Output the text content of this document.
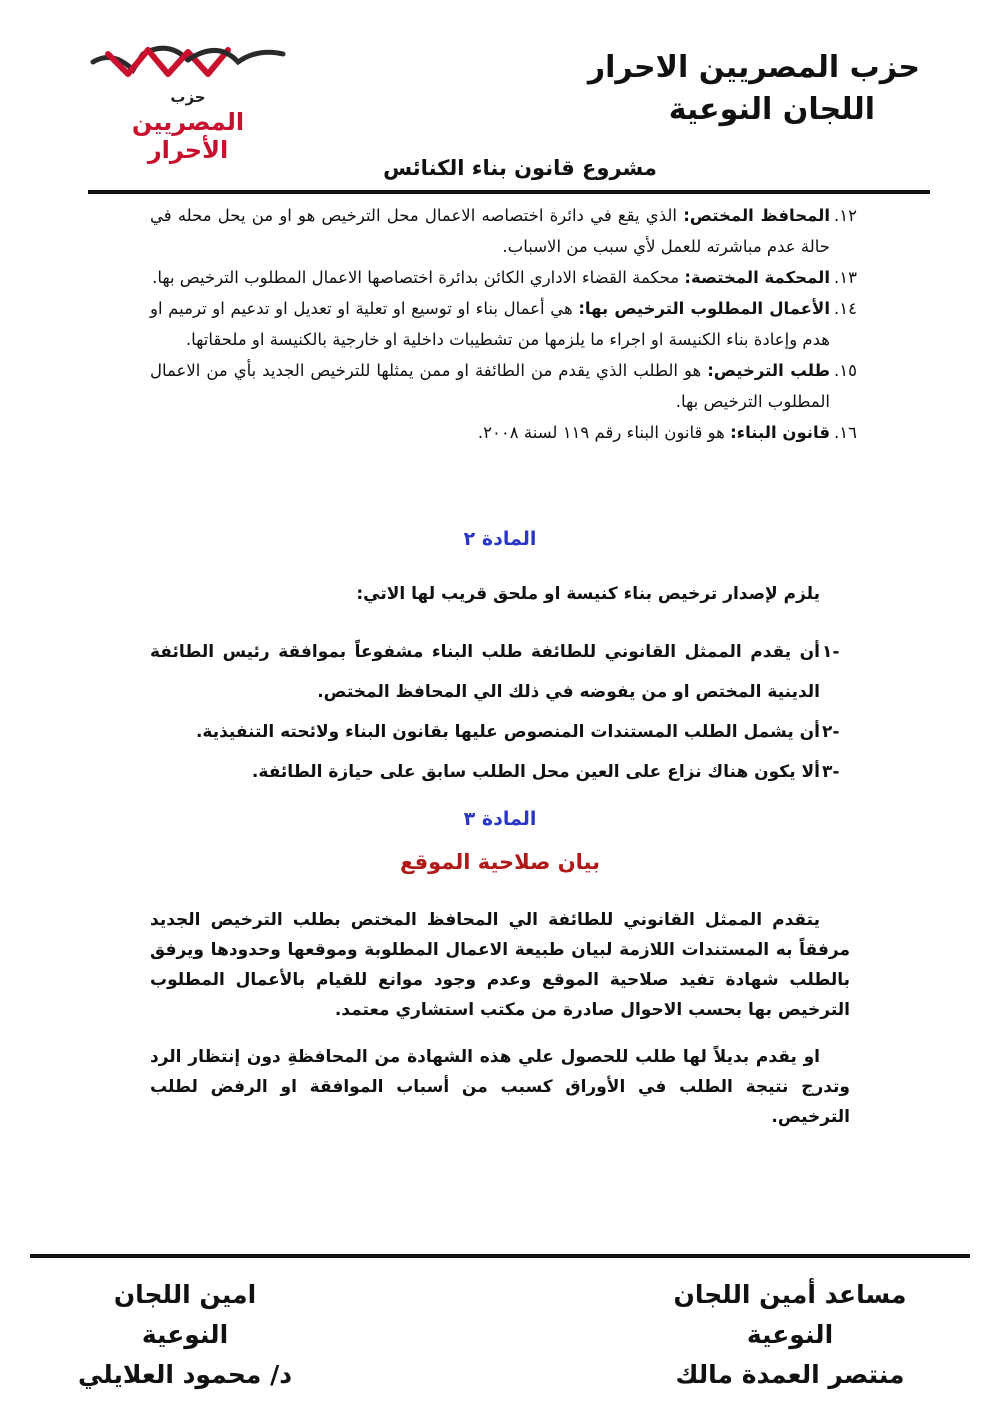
حزب المصريين الاحرار
اللجان النوعية
حزب
المصريين الأحرار
مشروع قانون بناء الكنائس

١٢.
المحافظ المختص: الذي يقع في دائرة اختصاصه الاعمال محل الترخيص هو او من يحل محله في حالة عدم مباشرته للعمل لأي سبب من الاسباب.

١٣.
المحكمة المختصة: محكمة القضاء الاداري الكائن بدائرة اختصاصها الاعمال المطلوب الترخيص بها.

١٤.
الأعمال المطلوب الترخيص بها: هي أعمال بناء او توسيع او تعلية او تعديل او تدعيم او ترميم او هدم وإعادة بناء الكنيسة او اجراء ما يلزمها من تشطيبات داخلية او خارجية بالكنيسة او ملحقاتها.

١٥.
طلب الترخيص: هو الطلب الذي يقدم من الطائفة او ممن يمثلها للترخيص الجديد بأي من الاعمال المطلوب الترخيص بها.

١٦.
قانون البناء: هو قانون البناء رقم ١١٩ لسنة ٢٠٠٨.

المادة ٢
يلزم لإصدار ترخيص بناء كنيسة او ملحق قريب لها الاتي:

-١
أن يقدم الممثل القانوني للطائفة طلب البناء مشفوعاً بموافقة رئيس الطائفة الدينية المختص او من يفوضه في ذلك الي المحافظ المختص.

-٢
أن يشمل الطلب المستندات المنصوص عليها بقانون البناء ولائحته التنفيذية.

-٣
ألا يكون هناك نزاع على العين محل الطلب سابق على حيازة الطائفة.

المادة ٣
بيان صلاحية الموقع
يتقدم الممثل القانوني للطائفة الي المحافظ المختص بطلب الترخيص الجديد مرفقاً به المستندات اللازمة لبيان طبيعة الاعمال المطلوبة وموقعها وحدودها ويرفق بالطلب شهادة تفيد صلاحية الموقع وعدم وجود موانع للقيام بالأعمال المطلوب الترخيص بها بحسب الاحوال صادرة من مكتب استشاري معتمد.
او يقدم بديلاً لها طلب للحصول علي هذه الشهادة من المحافظةِ دون إنتظار الرد وتدرج نتيجة الطلب في الأوراق كسبب من أسباب الموافقة او الرفض لطلب الترخيص.
مساعد أمين اللجان النوعية
منتصر العمدة مالك
امين اللجان النوعية
د/ محمود العلايلي
